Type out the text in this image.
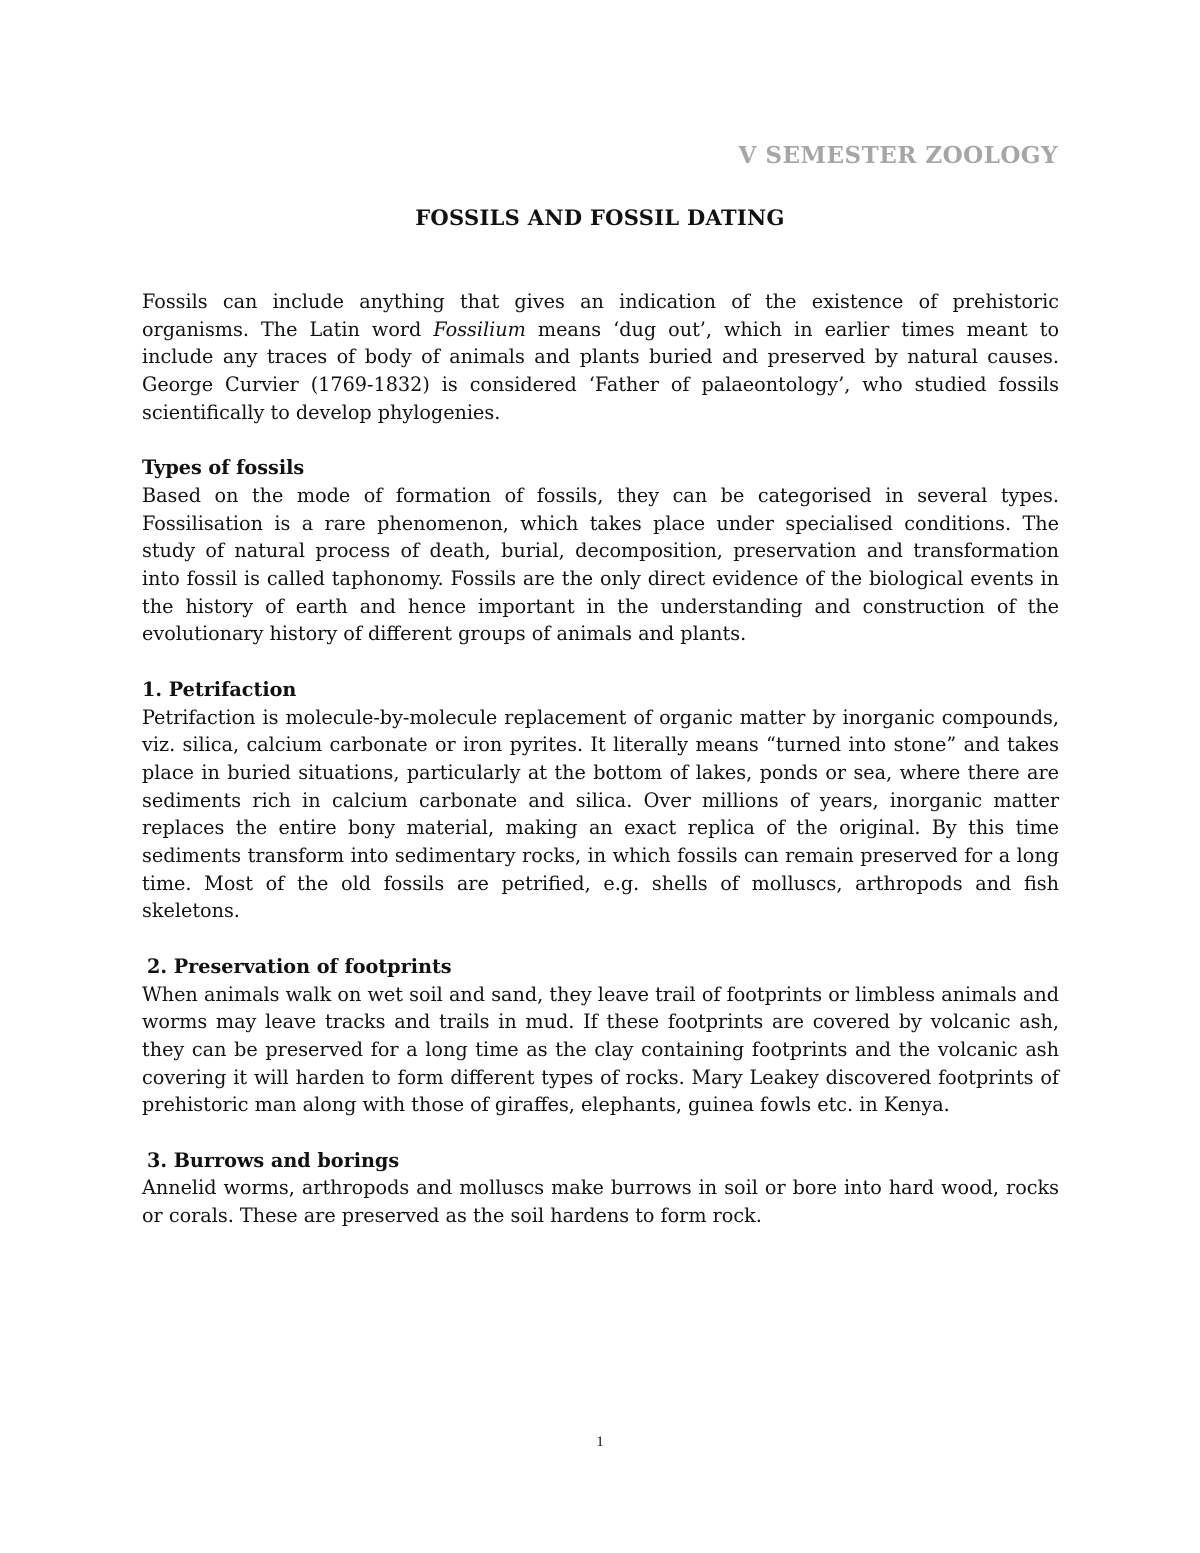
V SEMESTER ZOOLOGY
FOSSILS AND FOSSIL DATING

Fossils can include anything that gives an indication of the existence of prehistoric organisms. The Latin word Fossilium means ‘dug out’, which in earlier times meant to include any traces of body of animals and plants buried and preserved by natural causes. George Curvier (1769-1832) is considered ‘Father of palaeontology’, who studied fossils scientifically to develop phylogenies.

Types of fossils

Based on the mode of formation of fossils, they can be categorised in several types. Fossilisation is a rare phenomenon, which takes place under specialised conditions. The study of natural process of death, burial, decomposition, preservation and transformation into fossil is called taphonomy. Fossils are the only direct evidence of the biological events in the history of earth and hence important in the understanding and construction of the evolutionary history of different groups of animals and plants.

1. Petrifaction

Petrifaction is molecule-by-molecule replacement of organic matter by inorganic compounds, viz. silica, calcium carbonate or iron pyrites. It literally means “turned into stone” and takes place in buried situations, particularly at the bottom of lakes, ponds or sea, where there are sediments rich in calcium carbonate and silica. Over millions of years, inorganic matter replaces the entire bony material, making an exact replica of the original. By this time sediments transform into sedimentary rocks, in which fossils can remain preserved for a long time. Most of the old fossils are petrified, e.g. shells of molluscs, arthropods and fish skeletons.

2. Preservation of footprints

When animals walk on wet soil and sand, they leave trail of footprints or limbless animals and worms may leave tracks and trails in mud. If these footprints are covered by volcanic ash, they can be preserved for a long time as the clay containing footprints and the volcanic ash covering it will harden to form different types of rocks. Mary Leakey discovered footprints of prehistoric man along with those of giraffes, elephants, guinea fowls etc. in Kenya.

3. Burrows and borings

Annelid worms, arthropods and molluscs make burrows in soil or bore into hard wood, rocks or corals. These are preserved as the soil hardens to form rock.

1
